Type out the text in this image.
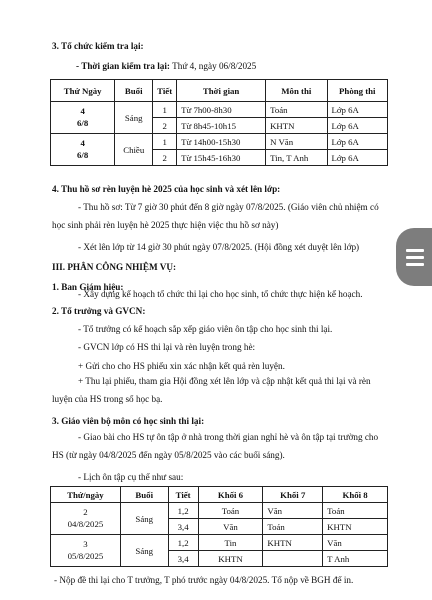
3. Tổ chức kiểm tra lại:
- Thời gian kiểm tra lại: Thứ 4, ngày 06/8/2025
Thứ Ngày	Buổi	Tiết	Thời gian	Môn thi	Phòng thi
4
6/8	Sáng	1	Từ 7h00-8h30	Toán	Lớp 6A
		2	Từ 8h45-10h15	KHTN	Lớp 6A
4
6/8	Chiều	1	Từ 14h00-15h30	N Văn	Lớp 6A
		2	Từ 15h45-16h30	Tin, T Anh	Lớp 6A
4. Thu hồ sơ rèn luyện hè 2025 của học sinh và xét lên lớp:
- Thu hồ sơ: Từ 7 giờ 30 phút đến 8 giờ ngày 07/8/2025. (Giáo viên chủ nhiệm có học sinh phải rèn luyện hè 2025 thực hiện việc thu hồ sơ này)
- Xét lên lớp từ 14 giờ 30 phút ngày 07/8/2025. (Hội đồng xét duyệt lên lớp)
III. PHÂN CÔNG NHIỆM VỤ:
1. Ban Giám hiệu:
- Xây dựng kế hoạch tổ chức thi lại cho học sinh, tổ chức thực hiện kế hoạch.
2. Tổ trưởng và GVCN:
- Tổ trưởng có kế hoạch sắp xếp giáo viên ôn tập cho học sinh thi lại.
- GVCN lớp có HS thi lại và rèn luyện trong hè:
+ Gửi cho cho HS phiếu xin xác nhận kết quả rèn luyện.
+ Thu lại phiếu, tham gia Hội đồng xét lên lớp và cập nhật kết quả thi lại và rèn luyện của HS trong sổ học bạ.
3. Giáo viên bộ môn có học sinh thi lại:
- Giao bài cho HS tự ôn tập ở nhà trong thời gian nghỉ hè và ôn tập tại trường cho HS (từ ngày 04/8/2025 đến ngày 05/8/2025 vào các buổi sáng).
- Lịch ôn tập cụ thể như sau:
Thứ/ngày	Buổi	Tiết	Khối 6	Khối 7	Khối 8
2
04/8/2025	Sáng	1,2	Toán	Văn	Toán
		3,4	Văn	Toán	KHTN
3
05/8/2025	Sáng	1,2	Tin	KHTN	Văn
		3,4	KHTN		T Anh
- Nộp đề thi lại cho T trưởng, T phó trước ngày 04/8/2025. Tổ nộp về BGH để in.
